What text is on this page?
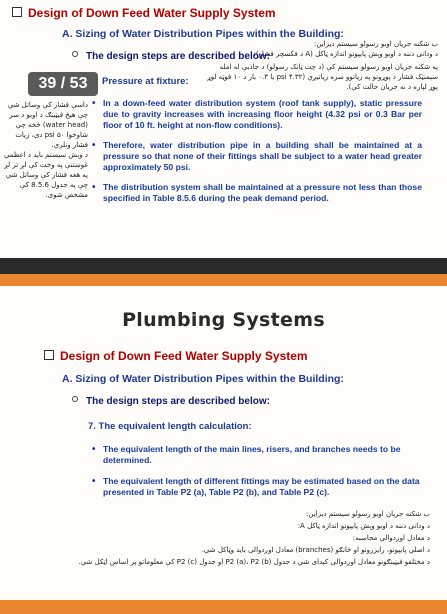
Design of Down Feed Water Supply System
A. Sizing of Water Distribution Pipes within the Building:
ب شکنه جریان اوبو رسولو سیستم دیزاین:
د ودانی دننه د اوبو وېش پایپونو اندازه ټاکل (A د فکسچر فشار):
The design steps are described below:
په شکنه جریان اوبو رسولو سیستم کې (د چت ټانک رسولو) د جاذبې له امله سېمنټک فشار د پوړونو په زیاتوو سره زیاتیږي (۴.۳۲ psi یا ۰.۳ بار د ۱۰ فوټه لوړ پوړ لپاره د نه جریان حالت کې).
Pressure at fixture:
• In a down-feed water distribution system (roof tank supply), static pressure due to gravity increases with increasing floor height (4.32 psi or 0.3 Bar per floor of 10 ft. height at non-flow conditions).
• Therefore, water distribution pipe in a building shall be maintained at a pressure so that none of their fittings shall be subject to a water head greater approximately 50 psi.
• The distribution system shall be maintained at a pressure not less than those specified in Table 8.5.6 during the peak demand period.
داسې فشار کې وساتل شي چې هیڅ فیټینګ د اوبو د سر (water head) څخه چې شاوخوا ۵۰ psi دی، زیات فشار ونلري.
د وېش سیستم باید د اعظمي غوښتنې په وخت کې لږ تر لږ په هغه فشار کې وساتل شي چې په جدول 8.5.6 کې مشخص شوی.
39 / 53
Plumbing Systems
Design of Down Feed Water Supply System
A. Sizing of Water Distribution Pipes within the Building:
The design steps are described below:
7. The equivalent length calculation:
• The equivalent length of the main lines, risers, and branches needs to be determined.
• The equivalent length of different fittings may be estimated based on the data presented in Table P2 (a), Table P2 (b), and Table P2 (c).
ب شکنه جریان اوبو رسولو سیستم دیزاین:
د ودانی دننه د اوبو وېش پایپونو اندازه ټاکل A:
د معادل اوږدوالي محاسبه:
د اصلي پایپونو، رایزرونو او څانګو (branches) معادل اوږدوالی باید وټاکل شي.
د مختلفو فیټینګونو معادل اوږدوالی کېدای شي د جدول P2 (a)، P2 (b) او جدول P2 (c) کې معلوماتو پر اساس اټکل شي.
